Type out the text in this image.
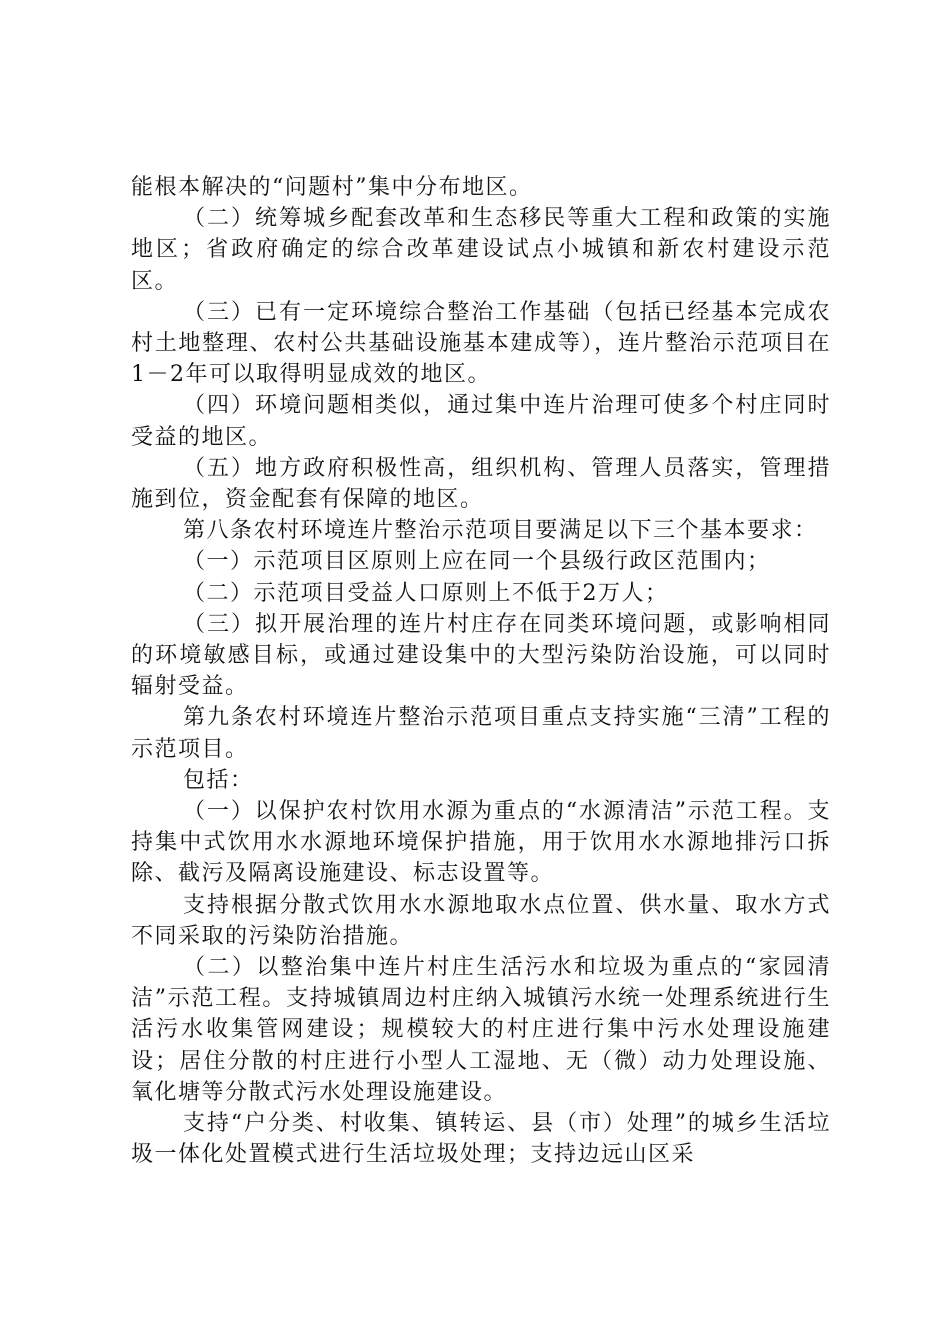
能根本解决的“问题村”集中分布地区。

（二）统筹城乡配套改革和生态移民等重大工程和政策的实施地区；省政府确定的综合改革建设试点小城镇和新农村建设示范区。

（三）已有一定环境综合整治工作基础（包括已经基本完成农村土地整理、农村公共基础设施基本建成等），连片整治示范项目在1－2年可以取得明显成效的地区。

（四）环境问题相类似，通过集中连片治理可使多个村庄同时受益的地区。

（五）地方政府积极性高，组织机构、管理人员落实，管理措施到位，资金配套有保障的地区。

第八条农村环境连片整治示范项目要满足以下三个基本要求：

（一）示范项目区原则上应在同一个县级行政区范围内；

（二）示范项目受益人口原则上不低于2万人；

（三）拟开展治理的连片村庄存在同类环境问题，或影响相同的环境敏感目标，或通过建设集中的大型污染防治设施，可以同时辐射受益。

第九条农村环境连片整治示范项目重点支持实施“三清”工程的示范项目。

包括：

（一）以保护农村饮用水源为重点的“水源清洁”示范工程。支持集中式饮用水水源地环境保护措施，用于饮用水水源地排污口拆除、截污及隔离设施建设、标志设置等。

支持根据分散式饮用水水源地取水点位置、供水量、取水方式不同采取的污染防治措施。

（二）以整治集中连片村庄生活污水和垃圾为重点的“家园清洁”示范工程。支持城镇周边村庄纳入城镇污水统一处理系统进行生活污水收集管网建设；规模较大的村庄进行集中污水处理设施建设；居住分散的村庄进行小型人工湿地、无（微）动力处理设施、氧化塘等分散式污水处理设施建设。

支持“户分类、村收集、镇转运、县（市）处理”的城乡生活垃圾一体化处置模式进行生活垃圾处理；支持边远山区采
